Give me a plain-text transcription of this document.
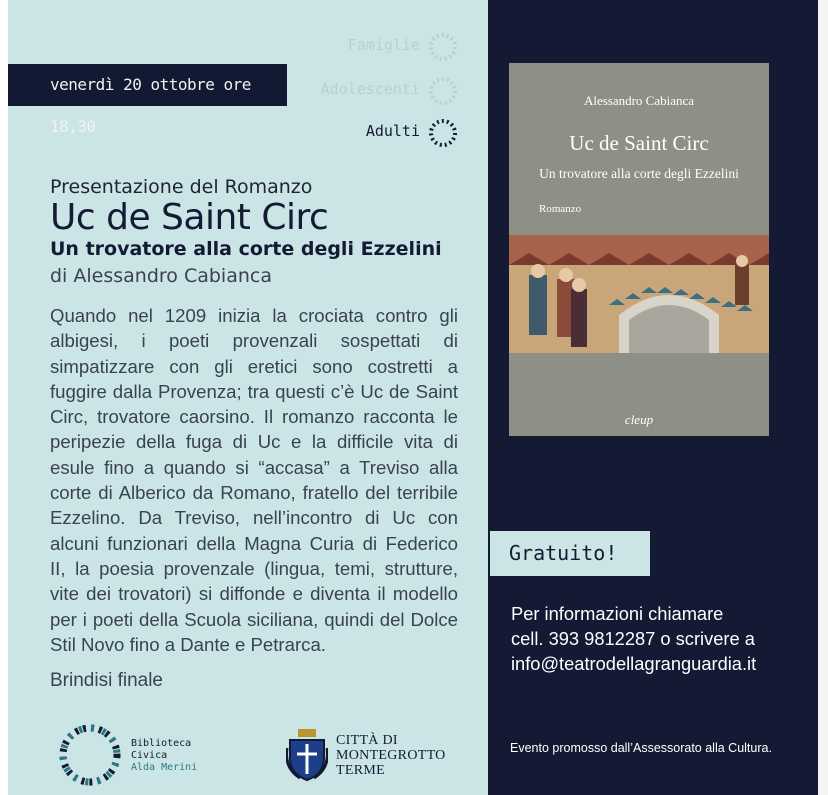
venerdì 20 ottobre ore 18,30
Famiglie
Adolescenti
Adulti
Presentazione del Romanzo
Uc de Saint Circ
Un trovatore alla corte degli Ezzelini
di Alessandro Cabianca
Quando nel 1209 inizia la crociata contro gli albigesi, i poeti provenzali sospettati di simpatizzare con gli eretici sono costretti a fuggire dalla Provenza; tra questi c’è Uc de Saint Circ, trovatore caorsino. Il romanzo racconta le peripezie della fuga di Uc e la difficile vita di esule fino a quando si “accasa” a Treviso alla corte di Alberico da Romano, fratello del terribile Ezzelino. Da Treviso, nell’incontro di Uc con alcuni funzionari della Magna Curia di Federico II, la poesia provenzale (lingua, temi, strutture, vite dei trovatori) si diffonde e diventa il modello per i poeti della Scuola siciliana, quindi del Dolce Stil Novo fino a Dante e Petrarca.
Brindisi finale
Biblioteca
Civica
Alda Merini
CITTÀ DI
MONTEGROTTO
TERME
Alessandro Cabianca
Uc de Saint Circ
Un trovatore alla corte degli Ezzelini
Romanzo
cleup
Gratuito!
Per informazioni chiamare
cell. 393 9812287 o scrivere a
info@teatrodellagranguardia.it
Evento promosso dall’Assessorato alla Cultura.
